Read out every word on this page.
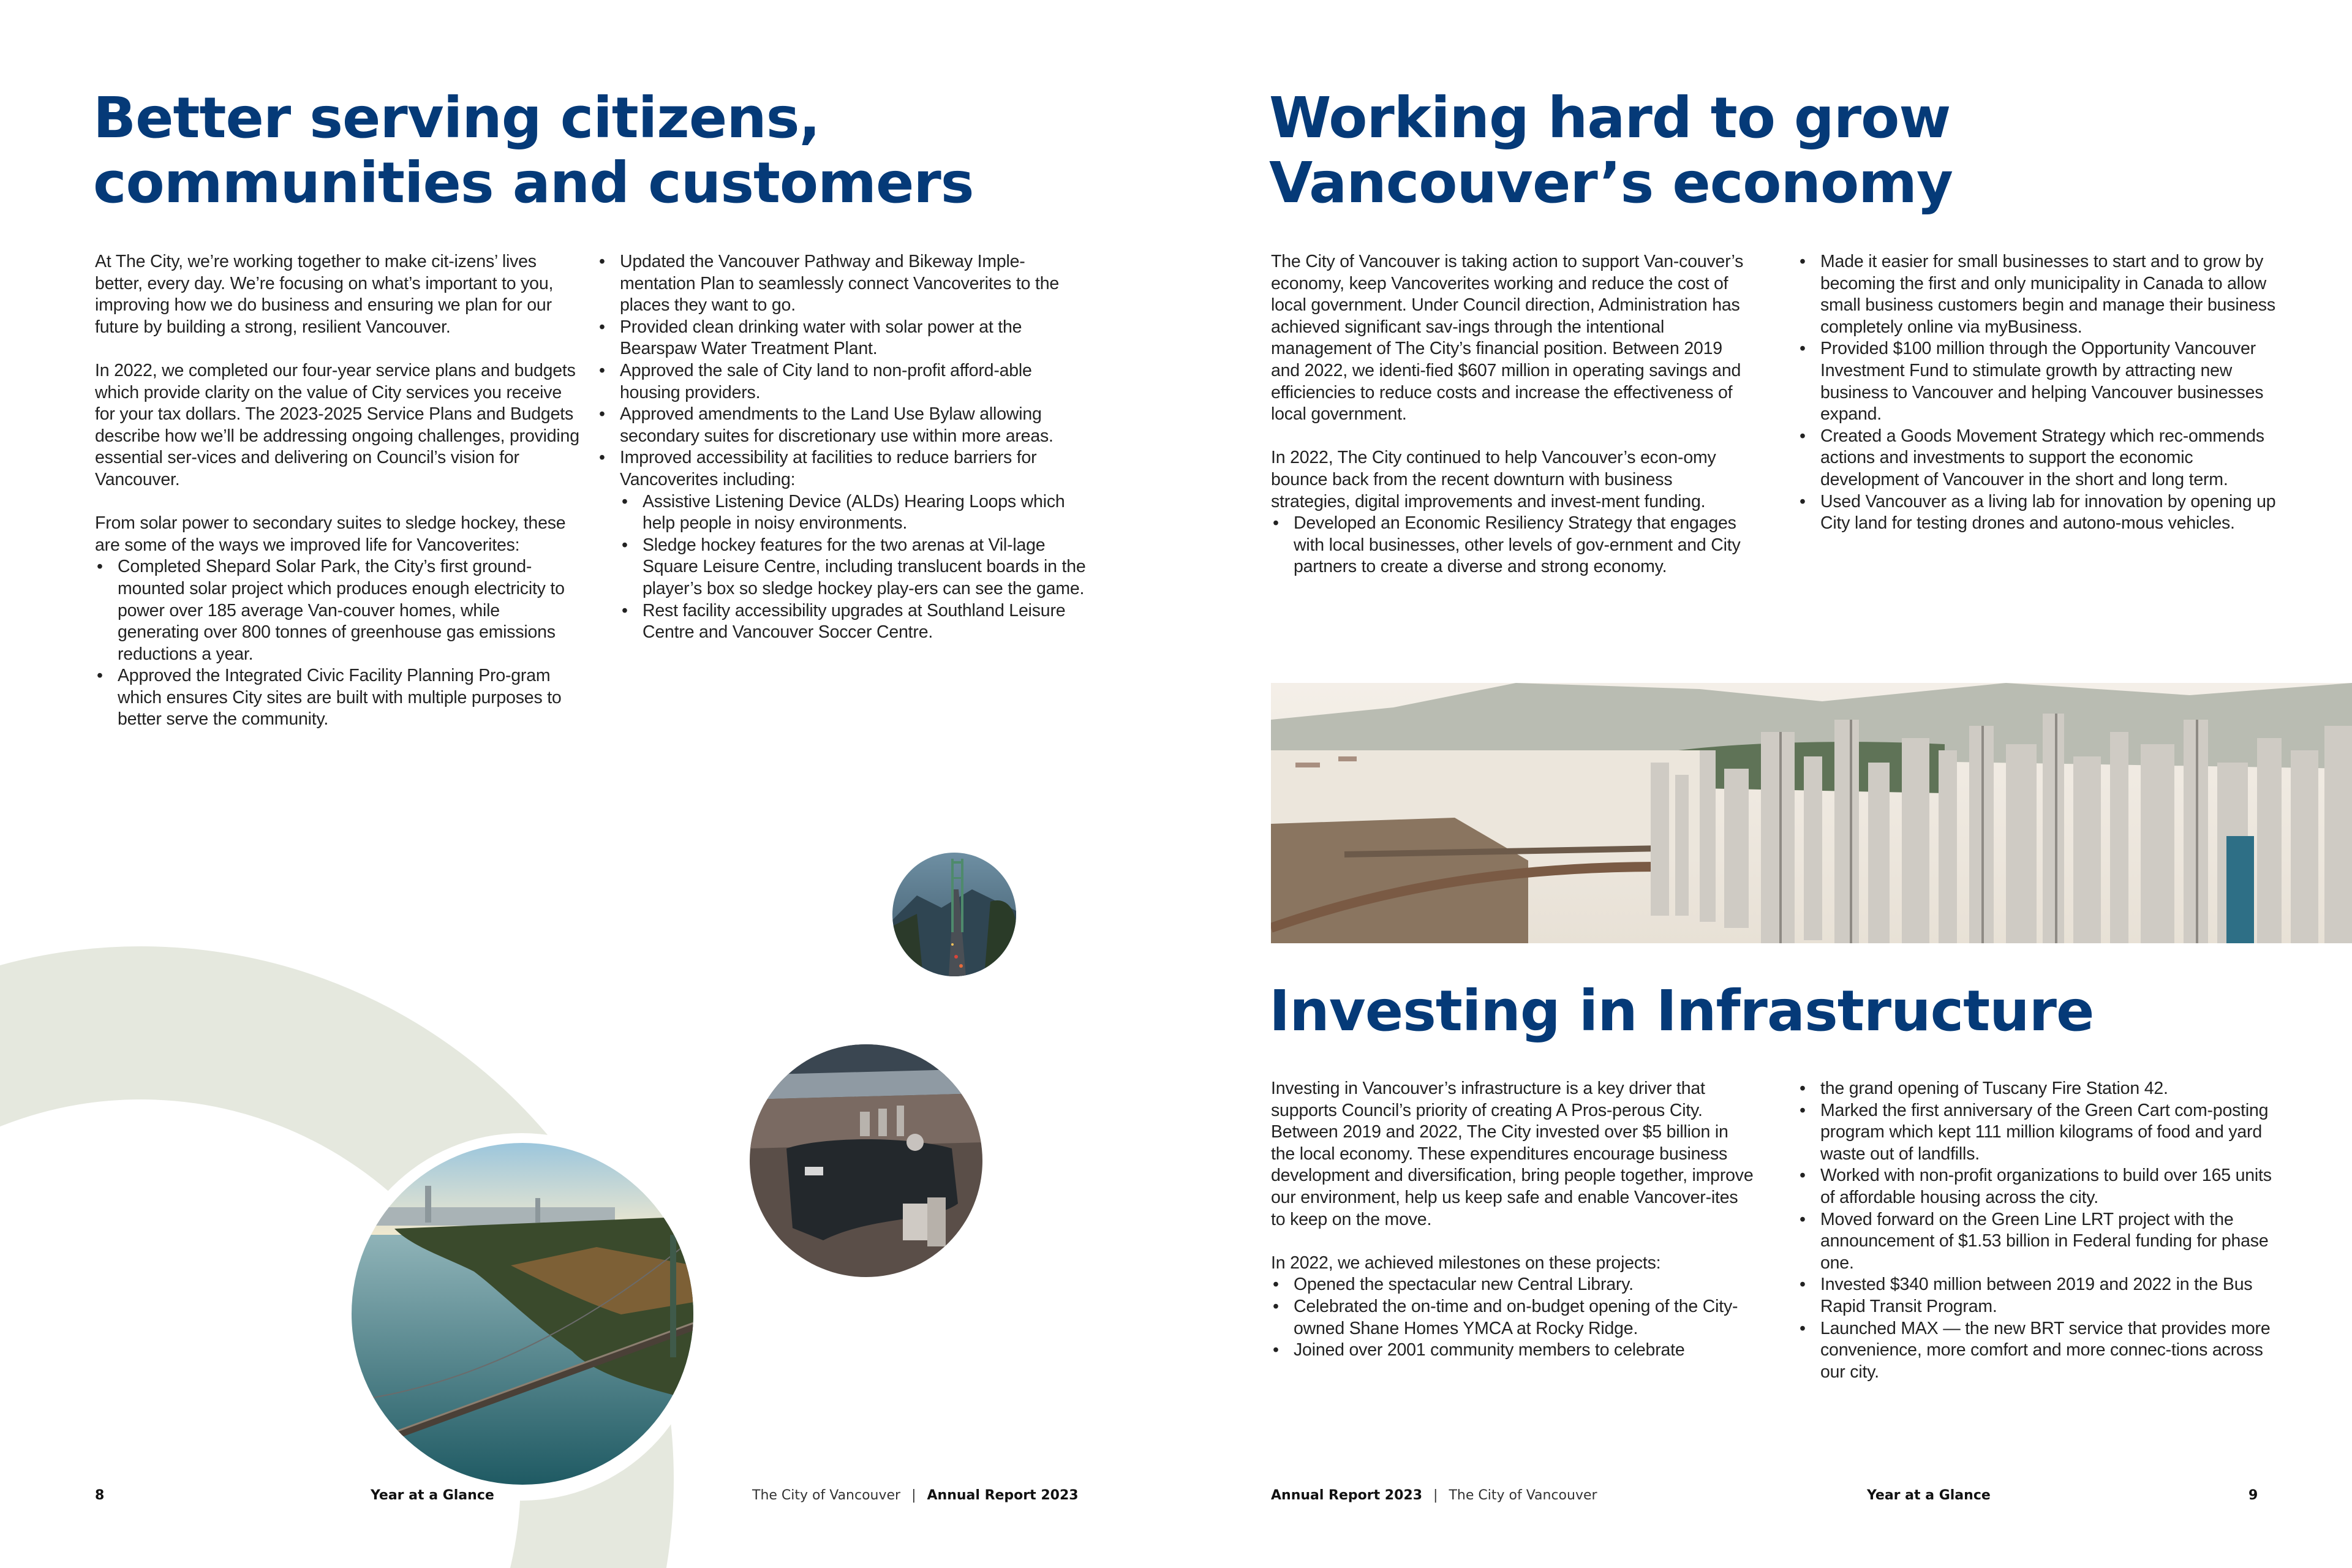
Better serving citizens,
communities and customers

At The City, we’re working together to make cit-izens’ lives better, every day. We’re focusing on what’s important to you, improving how we do business and ensuring we plan for our future by building a strong, resilient Vancouver.

In 2022, we completed our four-year service plans and budgets which provide clarity on the value of City services you receive for your tax dollars. The 2023-2025 Service Plans and Budgets describe how we’ll be addressing ongoing challenges, providing essential ser-vices and delivering on Council’s vision for Vancouver.

From solar power to secondary suites to sledge hockey, these are some of the ways we improved life for Vancoverites:

• Completed Shepard Solar Park, the City’s first ground-mounted solar project which produces enough electricity to power over 185 average Van-couver homes, while generating over 800 tonnes of greenhouse gas emissions reductions a year.
• Approved the Integrated Civic Facility Planning Pro-gram which ensures City sites are built with multiple purposes to better serve the community.
• Updated the Vancouver Pathway and Bikeway Imple-mentation Plan to seamlessly connect Vancoverites to the places they want to go.
• Provided clean drinking water with solar power at the Bearspaw Water Treatment Plant.
• Approved the sale of City land to non-profit afford-able housing providers.
• Approved amendments to the Land Use Bylaw allowing secondary suites for discretionary use within more areas.
• Improved accessibility at facilities to reduce barriers for Vancoverites including:
• Assistive Listening Device (ALDs) Hearing Loops which help people in noisy environments.
• Sledge hockey features for the two arenas at Vil-lage Square Leisure Centre, including translucent boards in the player’s box so sledge hockey play-ers can see the game.
• Rest facility accessibility upgrades at Southland Leisure Centre and Vancouver Soccer Centre.
8	Year at a Glance	The City of Vancouver | Annual Report 2023
Working hard to grow
Vancouver’s economy

The City of Vancouver is taking action to support Van-couver’s economy, keep Vancoverites working and reduce the cost of local government. Under Council direction, Administration has achieved significant sav-ings through the intentional management of The City’s financial position. Between 2019 and 2022, we identi-fied $607 million in operating savings and efficiencies to reduce costs and increase the effectiveness of local government.

In 2022, The City continued to help Vancouver’s econ-omy bounce back from the recent downturn with business strategies, digital improvements and invest-ment funding.

• Developed an Economic Resiliency Strategy that engages with local businesses, other levels of gov-ernment and City partners to create a diverse and strong economy.
• Made it easier for small businesses to start and to grow by becoming the first and only municipality in Canada to allow small business customers begin and manage their business completely online via myBusiness.
• Provided $100 million through the Opportunity Vancouver Investment Fund to stimulate growth by attracting new business to Vancouver and helping Vancouver businesses expand.
• Created a Goods Movement Strategy which rec-ommends actions and investments to support the economic development of Vancouver in the short and long term.
• Used Vancouver as a living lab for innovation by opening up City land for testing drones and autono-mous vehicles.
Investing in Infrastructure

Investing in Vancouver’s infrastructure is a key driver that supports Council’s priority of creating A Pros-perous City. Between 2019 and 2022, The City invested over $5 billion in the local economy. These expenditures encourage business development and diversification, bring people together, improve our environment, help us keep safe and enable Vancover-ites to keep on the move.

In 2022, we achieved milestones on these projects:

• Opened the spectacular new Central Library.
• Celebrated the on-time and on-budget opening of the City-owned Shane Homes YMCA at Rocky Ridge.
• Joined over 2001 community members to celebrate
• the grand opening of Tuscany Fire Station 42.
• Marked the first anniversary of the Green Cart com-posting program which kept 111 million kilograms of food and yard waste out of landfills.
• Worked with non-profit organizations to build over 165 units of affordable housing across the city.
• Moved forward on the Green Line LRT project with the announcement of $1.53 billion in Federal funding for phase one.
• Invested $340 million between 2019 and 2022 in the Bus Rapid Transit Program.
• Launched MAX — the new BRT service that provides more convenience, more comfort and more connec-tions across our city.
Annual Report 2023 | The City of Vancouver	Year at a Glance	9
